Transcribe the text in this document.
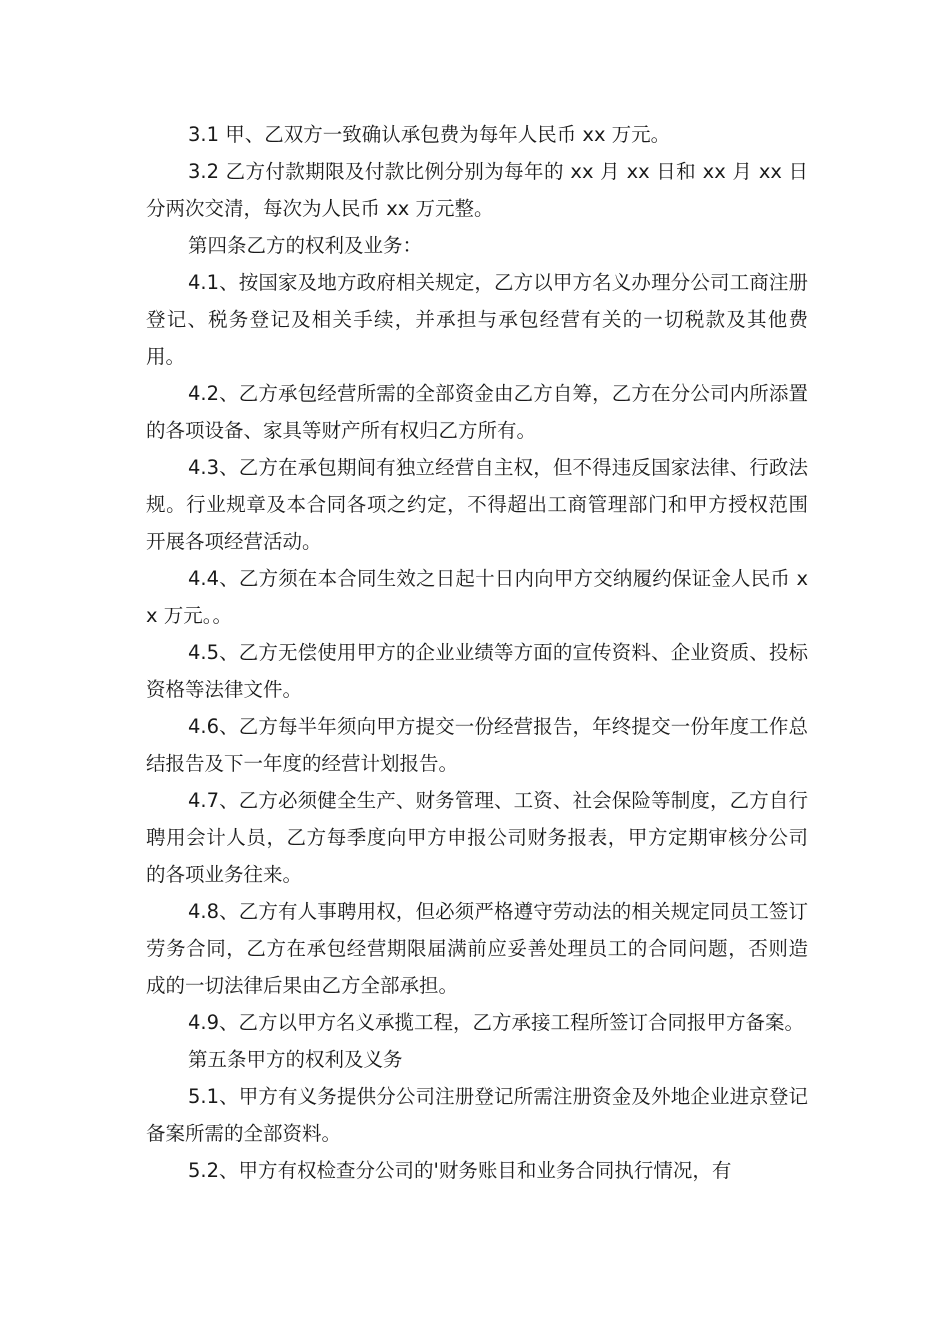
3.1 甲、乙双方一致确认承包费为每年人民币 xx 万元。

3.2 乙方付款期限及付款比例分别为每年的 xx 月 xx 日和 xx 月 xx 日分两次交清，每次为人民币 xx 万元整。

第四条乙方的权利及业务：

4.1、按国家及地方政府相关规定，乙方以甲方名义办理分公司工商注册登记、税务登记及相关手续，并承担与承包经营有关的一切税款及其他费用。

4.2、乙方承包经营所需的全部资金由乙方自筹，乙方在分公司内所添置的各项设备、家具等财产所有权归乙方所有。

4.3、乙方在承包期间有独立经营自主权，但不得违反国家法律、行政法规。行业规章及本合同各项之约定，不得超出工商管理部门和甲方授权范围开展各项经营活动。

4.4、乙方须在本合同生效之日起十日内向甲方交纳履约保证金人民币 xx 万元。。

4.5、乙方无偿使用甲方的企业业绩等方面的宣传资料、企业资质、投标资格等法律文件。

4.6、乙方每半年须向甲方提交一份经营报告，年终提交一份年度工作总结报告及下一年度的经营计划报告。

4.7、乙方必须健全生产、财务管理、工资、社会保险等制度，乙方自行聘用会计人员，乙方每季度向甲方申报公司财务报表，甲方定期审核分公司的各项业务往来。

4.8、乙方有人事聘用权，但必须严格遵守劳动法的相关规定同员工签订劳务合同，乙方在承包经营期限届满前应妥善处理员工的合同问题，否则造成的一切法律后果由乙方全部承担。

4.9、乙方以甲方名义承揽工程，乙方承接工程所签订合同报甲方备案。

第五条甲方的权利及义务

5.1、甲方有义务提供分公司注册登记所需注册资金及外地企业进京登记备案所需的全部资料。

5.2、甲方有权检查分公司的'财务账目和业务合同执行情况，有
